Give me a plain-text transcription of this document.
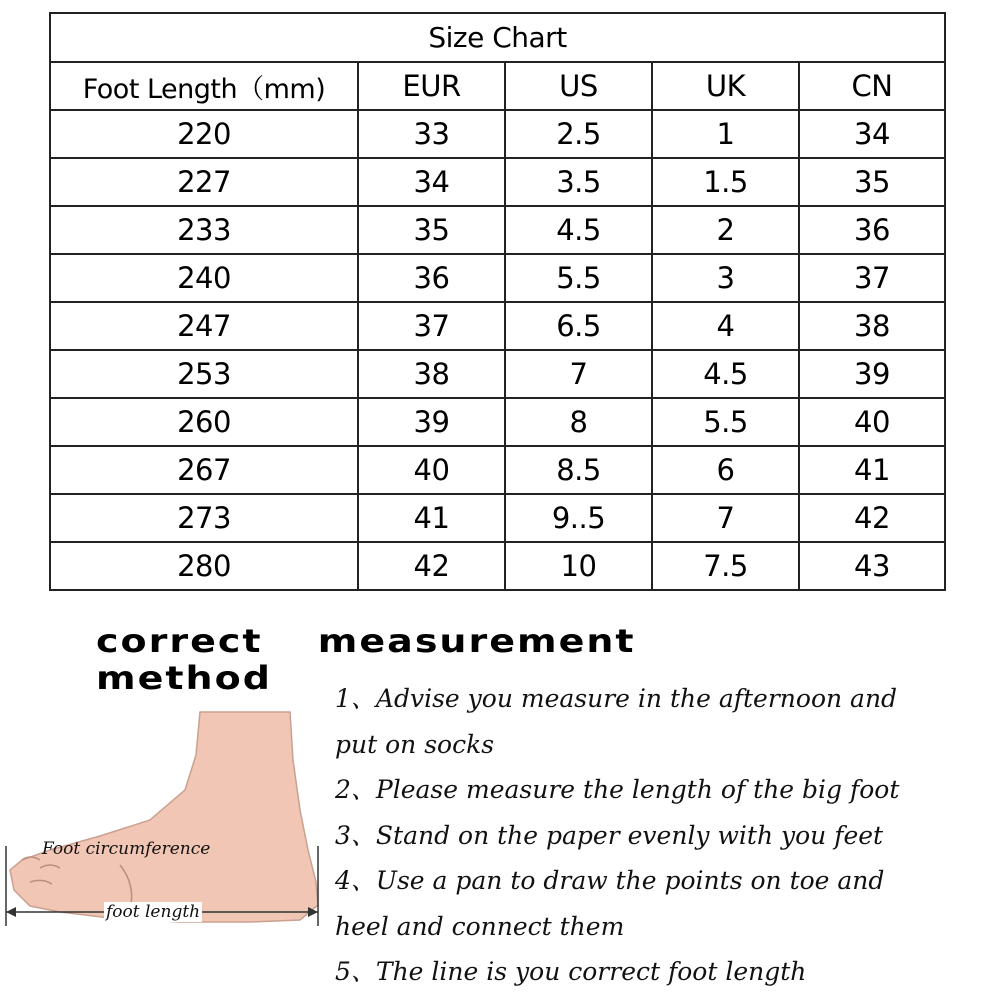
Size Chart				
Foot Length（mm)	EUR	US	UK	CN
220	33	2.5	1	34
227	34	3.5	1.5	35
233	35	4.5	2	36
240	36	5.5	3	37
247	37	6.5	4	38
253	38	7	4.5	39
260	39	8	5.5	40
267	40	8.5	6	41
273	41	9..5	7	42
280	42	10	7.5	43
correct measurement method
Foot circumference
foot length
1、Advise you measure in the afternoon and
put on socks
2、Please measure the length of the big foot
3、Stand on the paper evenly with you feet
4、Use a pan to draw the points on toe and
heel and connect them
5、The line is you correct foot length
